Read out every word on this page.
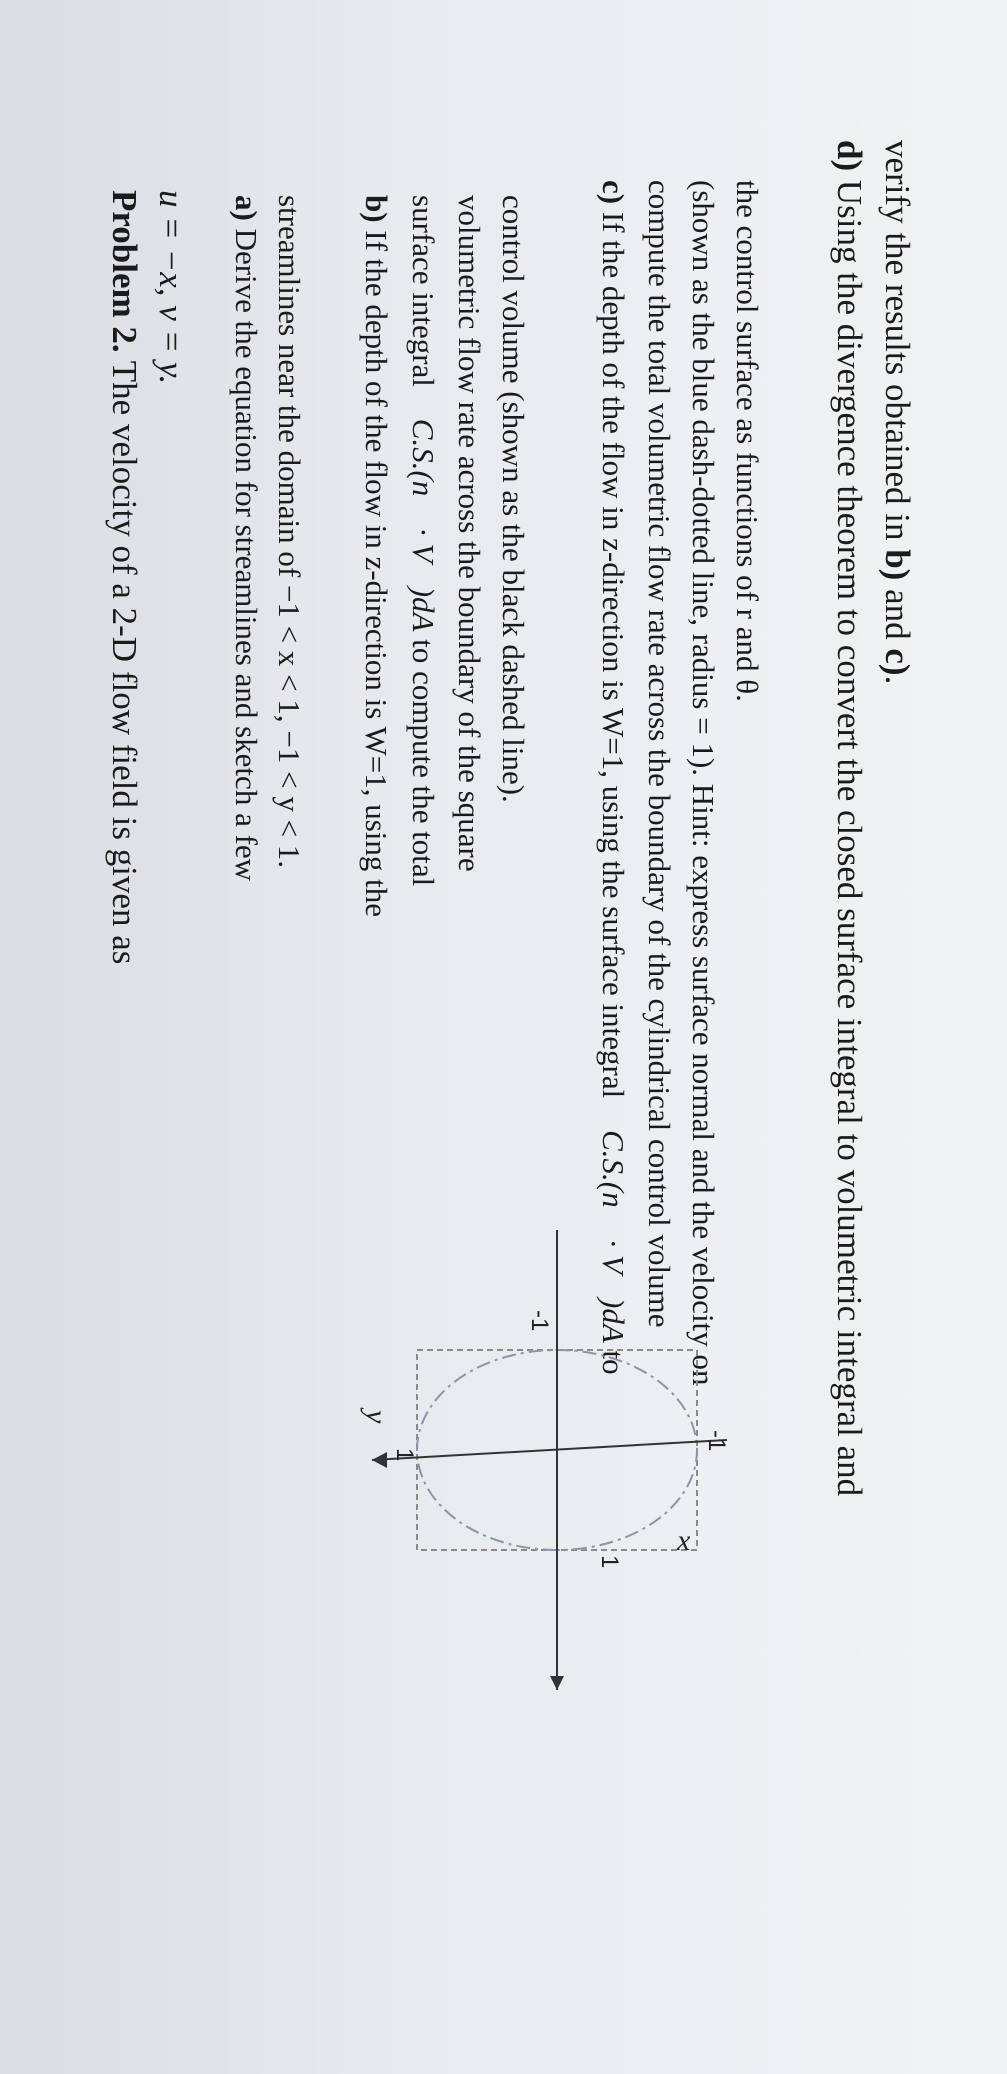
Problem 2. The velocity of a 2-D flow field is given as
u = −x, v = y. a) Derive the equation for streamlines and sketch a few streamlines near the domain of −1 < x < 1, −1 < y < 1. b) If the depth of the flow in z-direction is W=1, using the surface integral ∯C.S.(n⃗ · V⃗)dA to compute the total volumetric flow rate across the boundary of the square control volume (shown as the black dashed line).
c) If the depth of the flow in z-direction is W=1, using the surface integral ∯C.S.(n⃗ · V⃗)dA to
compute the total volumetric flow rate across the boundary of the cylindrical control volume (shown as the blue dash-dotted line, radius = 1). Hint: express surface normal and the velocity on the control surface as functions of r and θ.
d) Using the divergence theorem to convert the closed surface integral to volumetric integral and verify the results obtained in b) and c).
x
y
1
-1
1
-1
